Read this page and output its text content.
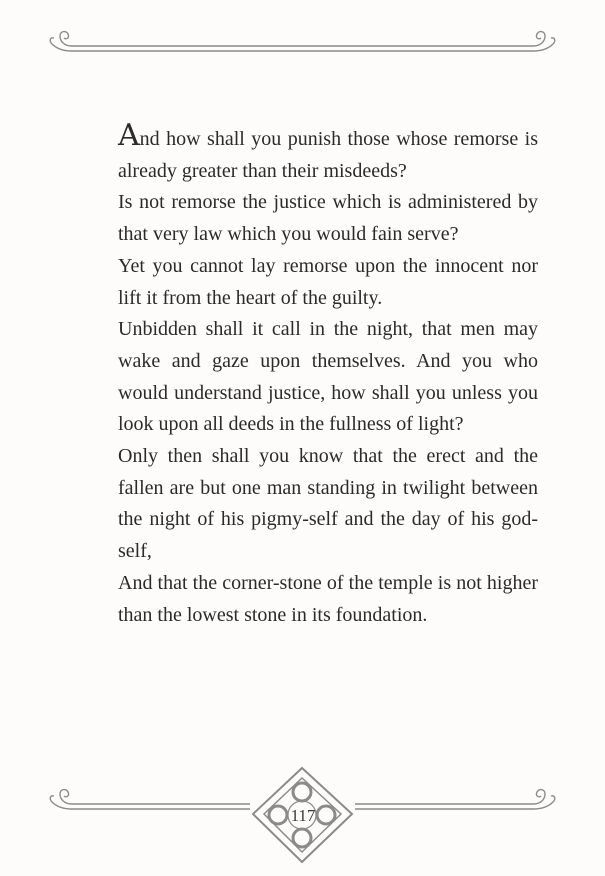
And how shall you punish those whose remorse is already greater than their misdeeds?

Is not remorse the justice which is administered by that very law which you would fain serve?

Yet you cannot lay remorse upon the innocent nor lift it from the heart of the guilty.

Unbidden shall it call in the night, that men may wake and gaze upon themselves. And you who would understand justice, how shall you unless you look upon all deeds in the fullness of light?

Only then shall you know that the erect and the fallen are but one man standing in twilight between the night of his pigmy-self and the day of his god-self,

And that the corner-stone of the temple is not higher than the lowest stone in its foundation.

117
